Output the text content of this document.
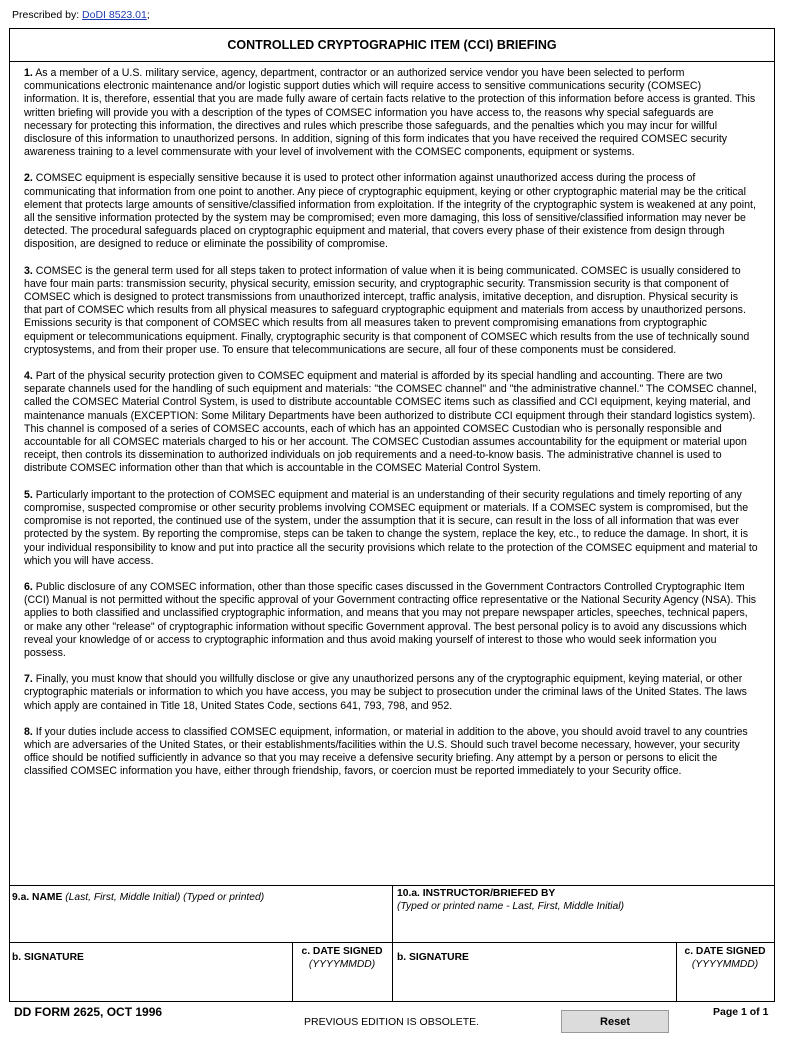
Prescribed by: DoDI 8523.01;
CONTROLLED CRYPTOGRAPHIC ITEM (CCI) BRIEFING

1. As a member of a U.S. military service, agency, department, contractor or an authorized service vendor you have been selected to perform communications electronic maintenance and/or logistic support duties which will require access to sensitive communications security (COMSEC) information. It is, therefore, essential that you are made fully aware of certain facts relative to the protection of this information before access is granted. This written briefing will provide you with a description of the types of COMSEC information you have access to, the reasons why special safeguards are necessary for protecting this information, the directives and rules which prescribe those safeguards, and the penalties which you may incur for willful disclosure of this information to unauthorized persons. In addition, signing of this form indicates that you have received the required COMSEC security awareness training to a level commensurate with your level of involvement with the COMSEC components, equipment or systems.

2. COMSEC equipment is especially sensitive because it is used to protect other information against unauthorized access during the process of communicating that information from one point to another. Any piece of cryptographic equipment, keying or other cryptographic material may be the critical element that protects large amounts of sensitive/classified information from exploitation. If the integrity of the cryptographic system is weakened at any point, all the sensitive information protected by the system may be compromised; even more damaging, this loss of sensitive/classified information may never be detected. The procedural safeguards placed on cryptographic equipment and material, that covers every phase of their existence from design through disposition, are designed to reduce or eliminate the possibility of compromise.

3. COMSEC is the general term used for all steps taken to protect information of value when it is being communicated. COMSEC is usually considered to have four main parts: transmission security, physical security, emission security, and cryptographic security. Transmission security is that component of COMSEC which is designed to protect transmissions from unauthorized intercept, traffic analysis, imitative deception, and disruption. Physical security is that part of COMSEC which results from all physical measures to safeguard cryptographic equipment and materials from access by unauthorized persons. Emissions security is that component of COMSEC which results from all measures taken to prevent compromising emanations from cryptographic equipment or telecommunications equipment. Finally, cryptographic security is that component of COMSEC which results from the use of technically sound cryptosystems, and from their proper use. To ensure that telecommunications are secure, all four of these components must be considered.

4. Part of the physical security protection given to COMSEC equipment and material is afforded by its special handling and accounting. There are two separate channels used for the handling of such equipment and materials: "the COMSEC channel" and "the administrative channel." The COMSEC channel, called the COMSEC Material Control System, is used to distribute accountable COMSEC items such as classified and CCI equipment, keying material, and maintenance manuals (EXCEPTION: Some Military Departments have been authorized to distribute CCI equipment through their standard logistics system). This channel is composed of a series of COMSEC accounts, each of which has an appointed COMSEC Custodian who is personally responsible and accountable for all COMSEC materials charged to his or her account. The COMSEC Custodian assumes accountability for the equipment or material upon receipt, then controls its dissemination to authorized individuals on job requirements and a need-to-know basis. The administrative channel is used to distribute COMSEC information other than that which is accountable in the COMSEC Material Control System.

5. Particularly important to the protection of COMSEC equipment and material is an understanding of their security regulations and timely reporting of any compromise, suspected compromise or other security problems involving COMSEC equipment or materials. If a COMSEC system is compromised, but the compromise is not reported, the continued use of the system, under the assumption that it is secure, can result in the loss of all information that was ever protected by the system. By reporting the compromise, steps can be taken to change the system, replace the key, etc., to reduce the damage. In short, it is your individual responsibility to know and put into practice all the security provisions which relate to the protection of the COMSEC equipment and material to which you will have access.

6. Public disclosure of any COMSEC information, other than those specific cases discussed in the Government Contractors Controlled Cryptographic Item (CCI) Manual is not permitted without the specific approval of your Government contracting office representative or the National Security Agency (NSA). This applies to both classified and unclassified cryptographic information, and means that you may not prepare newspaper articles, speeches, technical papers, or make any other "release" of cryptographic information without specific Government approval. The best personal policy is to avoid any discussions which reveal your knowledge of or access to cryptographic information and thus avoid making yourself of interest to those who would seek information you possess.

7. Finally, you must know that should you willfully disclose or give any unauthorized persons any of the cryptographic equipment, keying material, or other cryptographic materials or information to which you have access, you may be subject to prosecution under the criminal laws of the United States. The laws which apply are contained in Title 18, United States Code, sections 641, 793, 798, and 952.

8. If your duties include access to classified COMSEC equipment, information, or material in addition to the above, you should avoid travel to any countries which are adversaries of the United States, or their establishments/facilities within the U.S. Should such travel become necessary, however, your security office should be notified sufficiently in advance so that you may receive a defensive security briefing. Any attempt by a person or persons to elicit the classified COMSEC information you have, either through friendship, favors, or coercion must be reported immediately to your Security office.

9.a. NAME (Last, First, Middle Initial) (Typed or printed)	10.a. INSTRUCTOR/BRIEFED BY
(Typed or printed name - Last, First, Middle Initial)
b. SIGNATURE
c. DATE SIGNED
(YYYYMMDD)
b. SIGNATURE
c. DATE SIGNED
(YYYYMMDD)
DD FORM 2625, OCT 1996
PREVIOUS EDITION IS OBSOLETE.	Reset
Page 1 of 1
